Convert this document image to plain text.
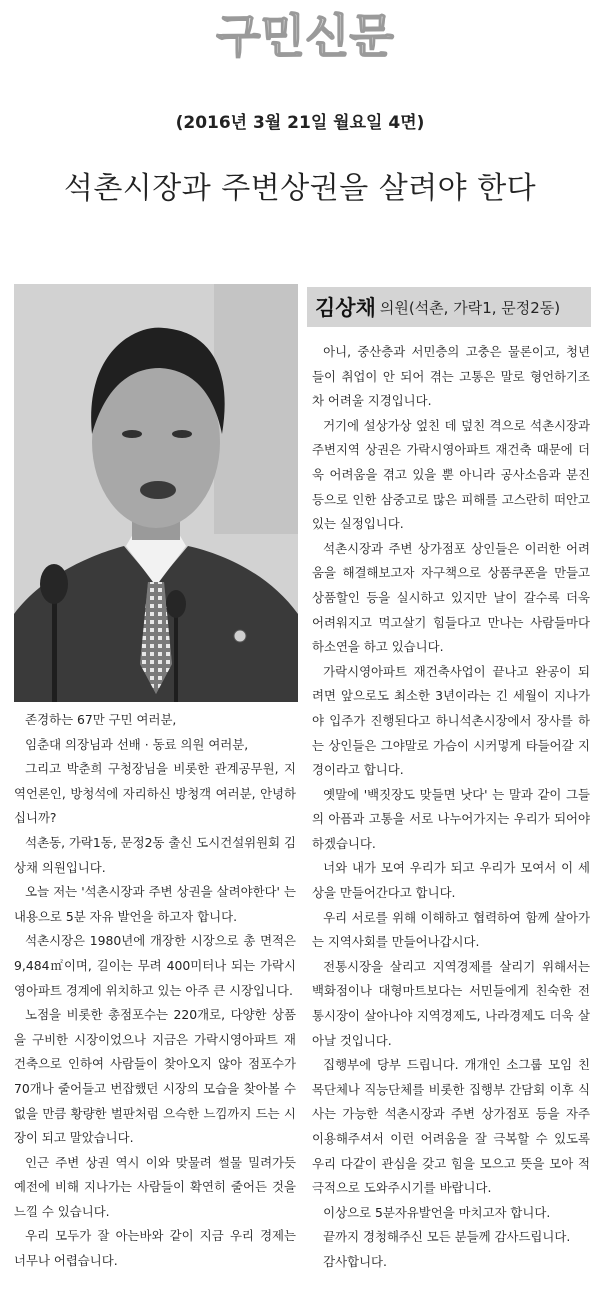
구민신문
(2016년 3월 21일 월요일 4면)
석촌시장과 주변상권을 살려야 한다
김상채 의원(석촌, 가락1, 문정2동)

존경하는 67만 구민 여러분,

임춘대 의장님과 선배 · 동료 의원 여러분,

그리고 박춘희 구청장님을 비롯한 관계공무원, 지역언론인, 방청석에 자리하신 방청객 여러분, 안녕하십니까?

석촌동, 가락1동, 문정2동 출신 도시건설위원회 김상채 의원입니다.

오늘 저는 '석촌시장과 주변 상권을 살려야한다' 는 내용으로 5분 자유 발언을 하고자 합니다.

석촌시장은 1980년에 개장한 시장으로 총 면적은 9,484㎡이며, 길이는 무려 400미터나 되는 가락시영아파트 경계에 위치하고 있는 아주 큰 시장입니다.

노점을 비롯한 총점포수는 220개로, 다양한 상품을 구비한 시장이었으나 지금은 가락시영아파트 재건축으로 인하여 사람들이 찾아오지 않아 점포수가 70개나 줄어들고 번잡했던 시장의 모습을 찾아볼 수 없을 만큼 황량한 벌판처럼 으슥한 느낌까지 드는 시장이 되고 말았습니다.

인근 주변 상권 역시 이와 맞물려 썰물 밀려가듯 예전에 비해 지나가는 사람들이 확연히 줄어든 것을 느낄 수 있습니다.

우리 모두가 잘 아는바와 같이 지금 우리 경제는 너무나 어렵습니다.

아니, 중산층과 서민층의 고충은 물론이고, 청년들이 취업이 안 되어 겪는 고통은 말로 형언하기조차 어려울 지경입니다.

거기에 설상가상 엎친 데 덮친 격으로 석촌시장과 주변지역 상권은 가락시영아파트 재건축 때문에 더욱 어려움을 겪고 있을 뿐 아니라 공사소음과 분진 등으로 인한 삼중고로 많은 피해를 고스란히 떠안고 있는 실정입니다.

석촌시장과 주변 상가점포 상인들은 이러한 어려움을 해결해보고자 자구책으로 상품쿠폰을 만들고 상품할인 등을 실시하고 있지만 날이 갈수록 더욱 어려워지고 먹고살기 힘들다고 만나는 사람들마다 하소연을 하고 있습니다.

가락시영아파트 재건축사업이 끝나고 완공이 되려면 앞으로도 최소한 3년이라는 긴 세월이 지나가야 입주가 진행된다고 하니석촌시장에서 장사를 하는 상인들은 그야말로 가슴이 시커멓게 타들어갈 지경이라고 합니다.

옛말에 '백짓장도 맞들면 낫다' 는 말과 같이 그들의 아픔과 고통을 서로 나누어가지는 우리가 되어야 하겠습니다.

너와 내가 모여 우리가 되고 우리가 모여서 이 세상을 만들어간다고 합니다.

우리 서로를 위해 이해하고 협력하여 함께 살아가는 지역사회를 만들어나갑시다.

전통시장을 살리고 지역경제를 살리기 위해서는 백화점이나 대형마트보다는 서민들에게 친숙한 전통시장이 살아나야 지역경제도, 나라경제도 더욱 살아날 것입니다.

집행부에 당부 드립니다. 개개인 소그룹 모임 친목단체나 직능단체를 비롯한 집행부 간담회 이후 식사는 가능한 석촌시장과 주변 상가점포 등을 자주 이용해주셔서 이런 어려움을 잘 극복할 수 있도록 우리 다같이 관심을 갖고 힘을 모으고 뜻을 모아 적극적으로 도와주시기를 바랍니다.

이상으로 5분자유발언을 마치고자 합니다.

끝까지 경청해주신 모든 분들께 감사드립니다.

감사합니다.
